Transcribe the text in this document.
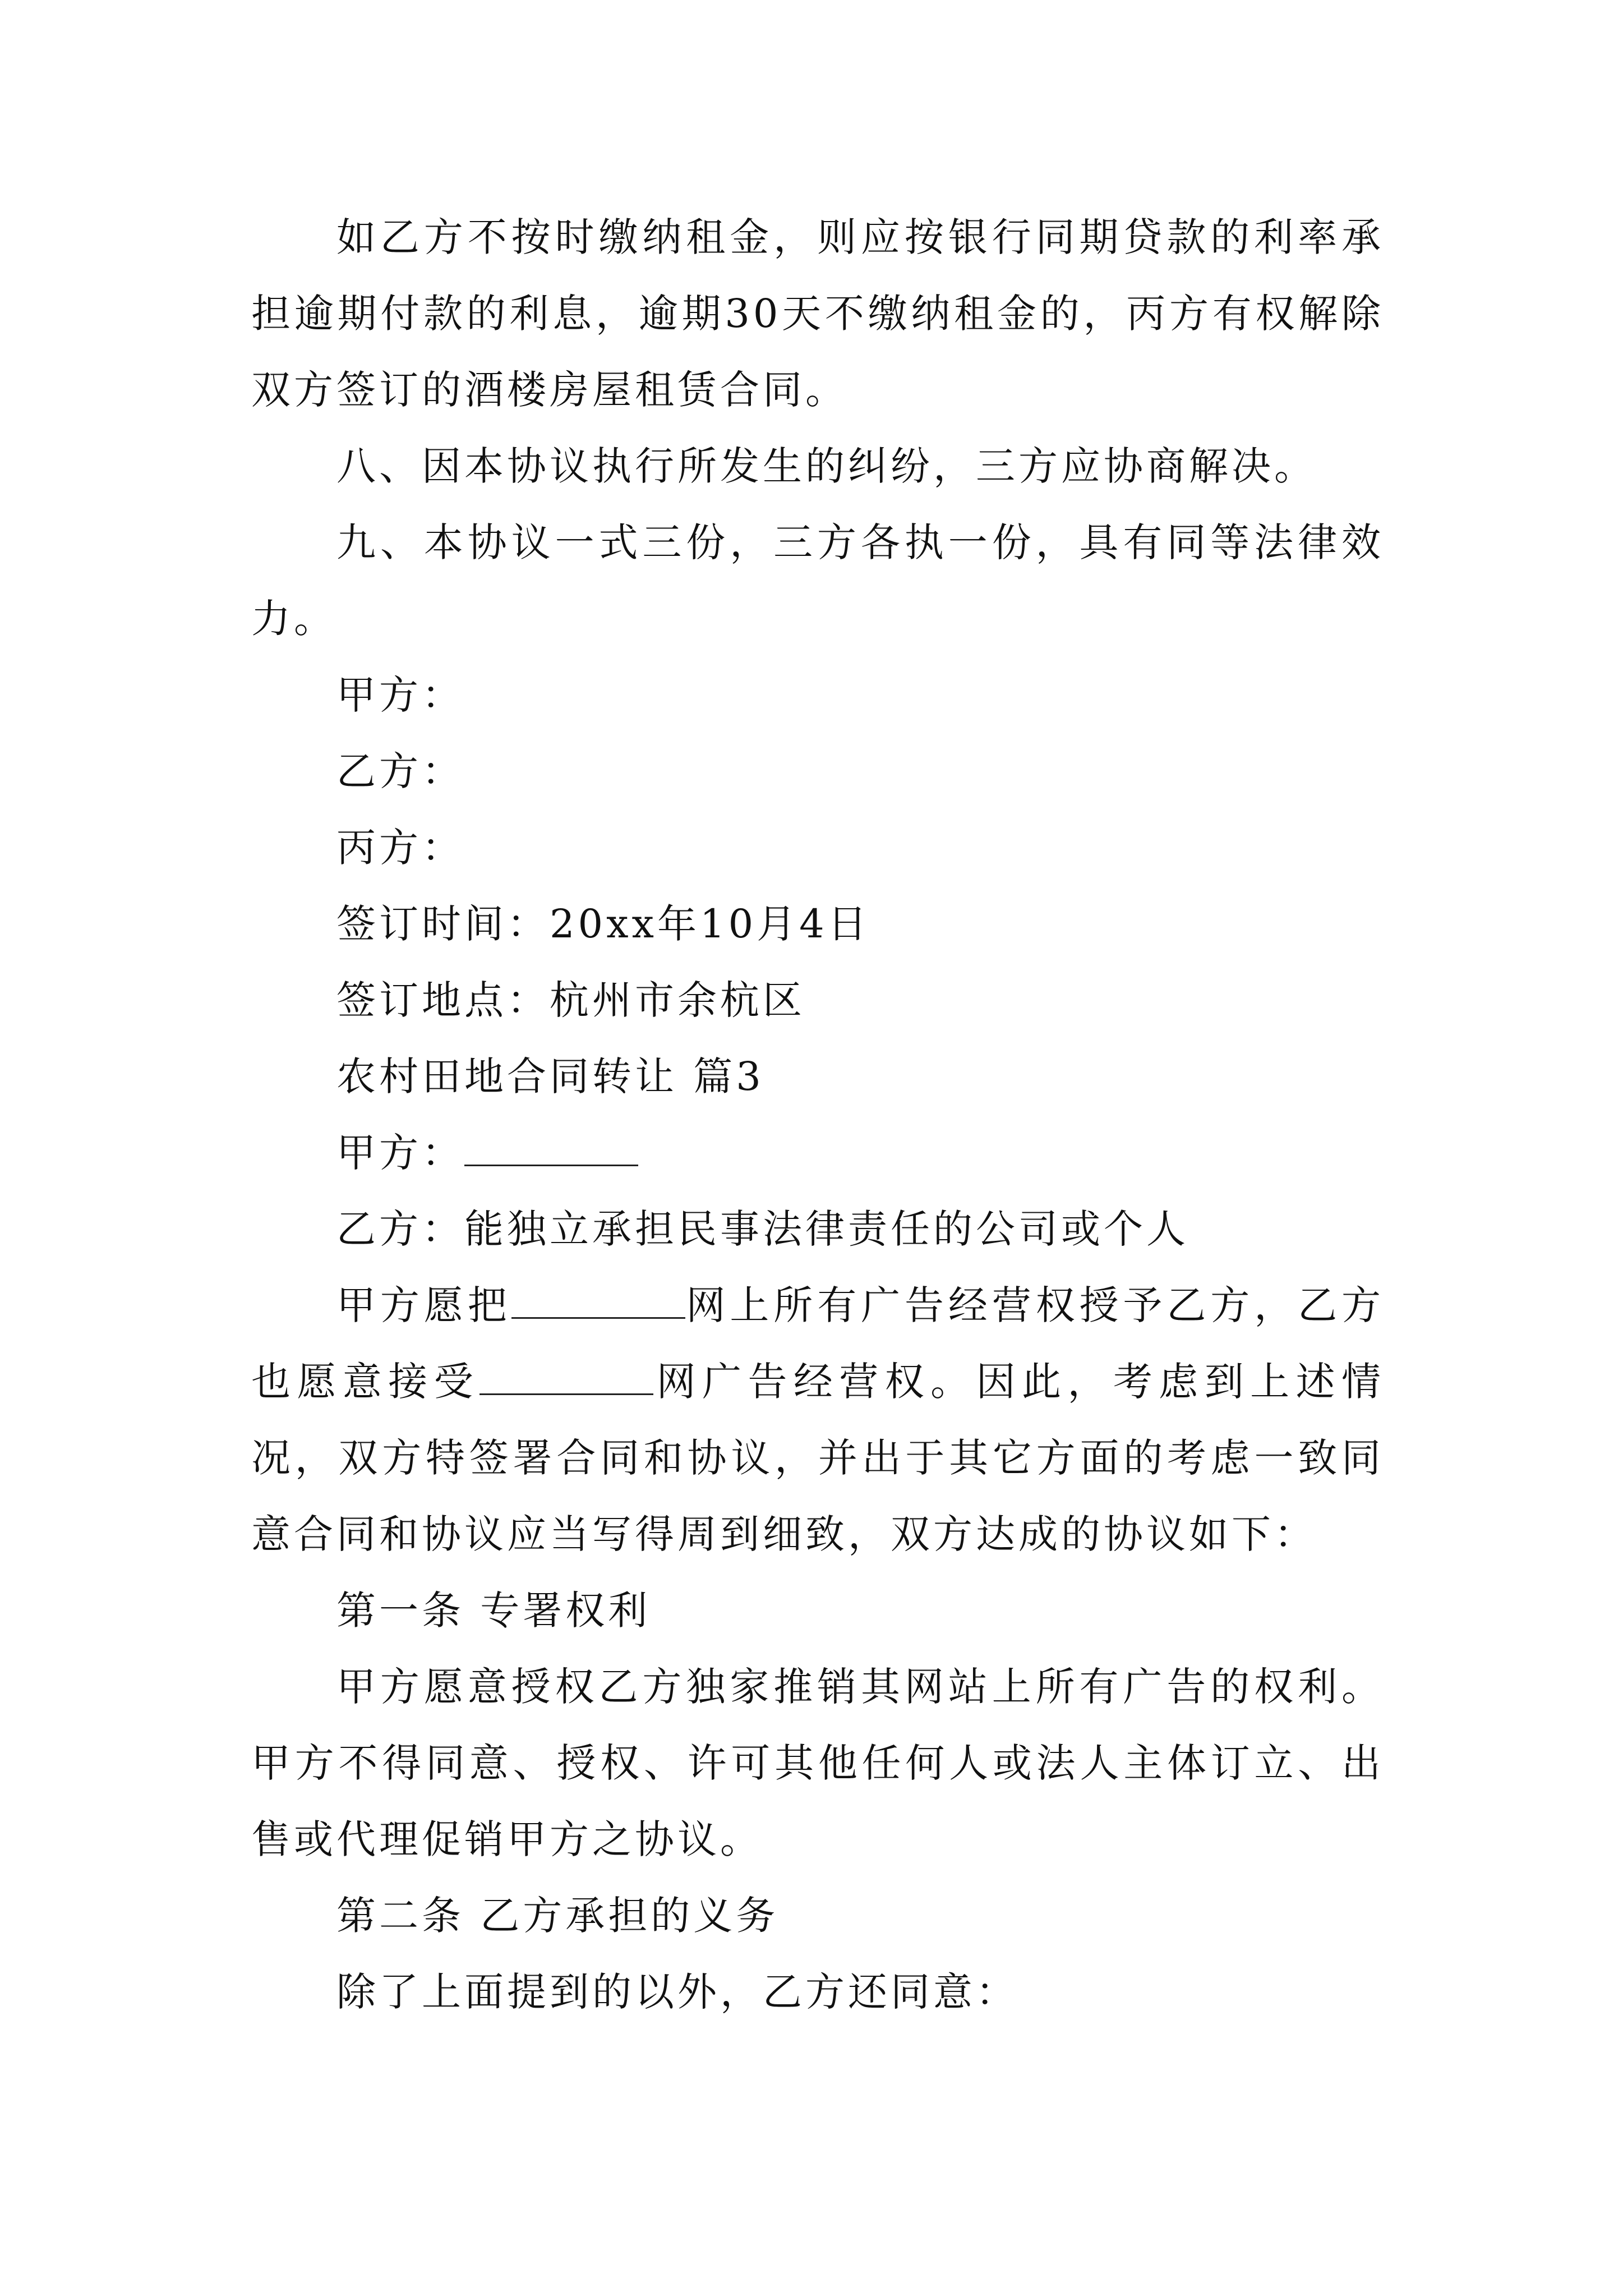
如乙方不按时缴纳租金，则应按银行同期贷款的利率承担逾期付款的利息，逾期30天不缴纳租金的，丙方有权解除双方签订的酒楼房屋租赁合同。

八、因本协议执行所发生的纠纷，三方应协商解决。

九、本协议一式三份，三方各执一份，具有同等法律效力。

甲方：

乙方：

丙方：

签订时间：20xx年10月4日

签订地点：杭州市余杭区

农村田地合同转让 篇3

甲方：

乙方：能独立承担民事法律责任的公司或个人

甲方愿把	网上所有广告经营权授予乙方，乙方也愿意接受	网广告经营权。因此，考虑到上述情况，双方特签署合同和协议，并出于其它方面的考虑一致同意合同和协议应当写得周到细致，双方达成的协议如下：

第一条 专署权利

甲方愿意授权乙方独家推销其网站上所有广告的权利。甲方不得同意、授权、许可其他任何人或法人主体订立、出售或代理促销甲方之协议。

第二条 乙方承担的义务

除了上面提到的以外，乙方还同意：
